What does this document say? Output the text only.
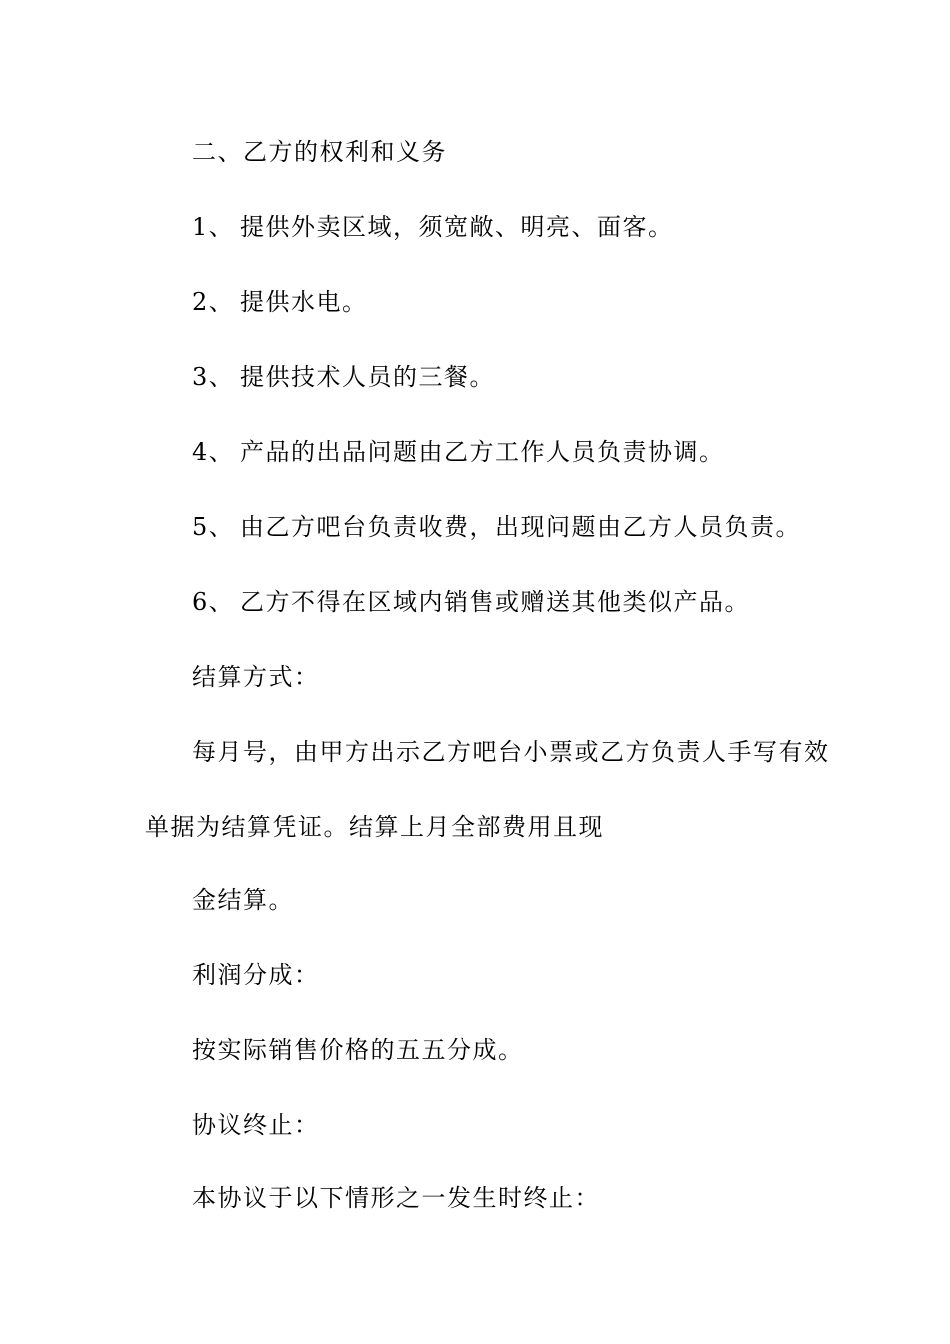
二、乙方的权利和义务
1、 提供外卖区域，须宽敞、明亮、面客。
2、 提供水电。
3、 提供技术人员的三餐。
4、 产品的出品问题由乙方工作人员负责协调。
5、 由乙方吧台负责收费，出现问题由乙方人员负责。
6、 乙方不得在区域内销售或赠送其他类似产品。
结算方式：
每月号，由甲方出示乙方吧台小票或乙方负责人手写有效
单据为结算凭证。结算上月全部费用且现
金结算。
利润分成：
按实际销售价格的五五分成。
协议终止：
本协议于以下情形之一发生时终止：
